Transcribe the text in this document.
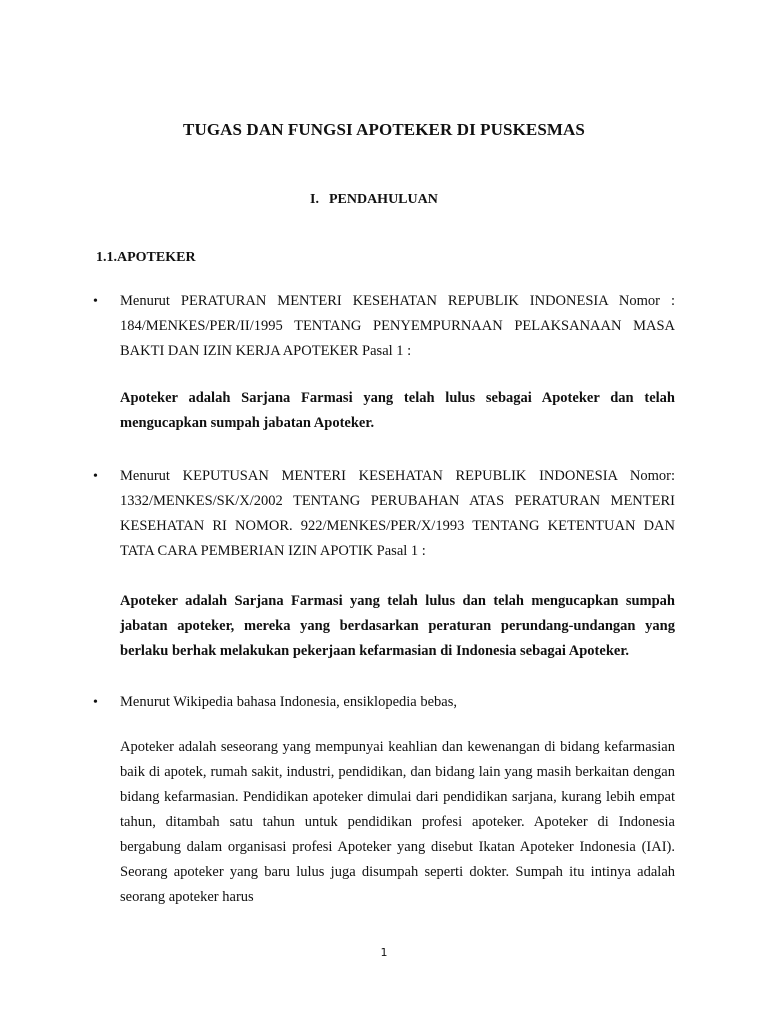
TUGAS DAN FUNGSI APOTEKER DI PUSKESMAS
I. PENDAHULUAN
1.1.APOTEKER
• Menurut PERATURAN MENTERI KESEHATAN REPUBLIK INDONESIA Nomor : 184/MENKES/PER/II/1995 TENTANG PENYEMPURNAAN PELAKSANAAN MASA BAKTI DAN IZIN KERJA APOTEKER Pasal 1 :
Apoteker adalah Sarjana Farmasi yang telah lulus sebagai Apoteker dan telah mengucapkan sumpah jabatan Apoteker.
• Menurut KEPUTUSAN MENTERI KESEHATAN REPUBLIK INDONESIA Nomor: 1332/MENKES/SK/X/2002 TENTANG PERUBAHAN ATAS PERATURAN MENTERI KESEHATAN RI NOMOR. 922/MENKES/PER/X/1993 TENTANG KETENTUAN DAN TATA CARA PEMBERIAN IZIN APOTIK Pasal 1 :
Apoteker adalah Sarjana Farmasi yang telah lulus dan telah mengucapkan sumpah jabatan apoteker, mereka yang berdasarkan peraturan perundang-undangan yang berlaku berhak melakukan pekerjaan kefarmasian di Indonesia sebagai Apoteker.
• Menurut Wikipedia bahasa Indonesia, ensiklopedia bebas,
Apoteker adalah seseorang yang mempunyai keahlian dan kewenangan di bidang kefarmasian baik di apotek, rumah sakit, industri, pendidikan, dan bidang lain yang masih berkaitan dengan bidang kefarmasian. Pendidikan apoteker dimulai dari pendidikan sarjana, kurang lebih empat tahun, ditambah satu tahun untuk pendidikan profesi apoteker. Apoteker di Indonesia bergabung dalam organisasi profesi Apoteker yang disebut Ikatan Apoteker Indonesia (IAI). Seorang apoteker yang baru lulus juga disumpah seperti dokter. Sumpah itu intinya adalah seorang apoteker harus
1
